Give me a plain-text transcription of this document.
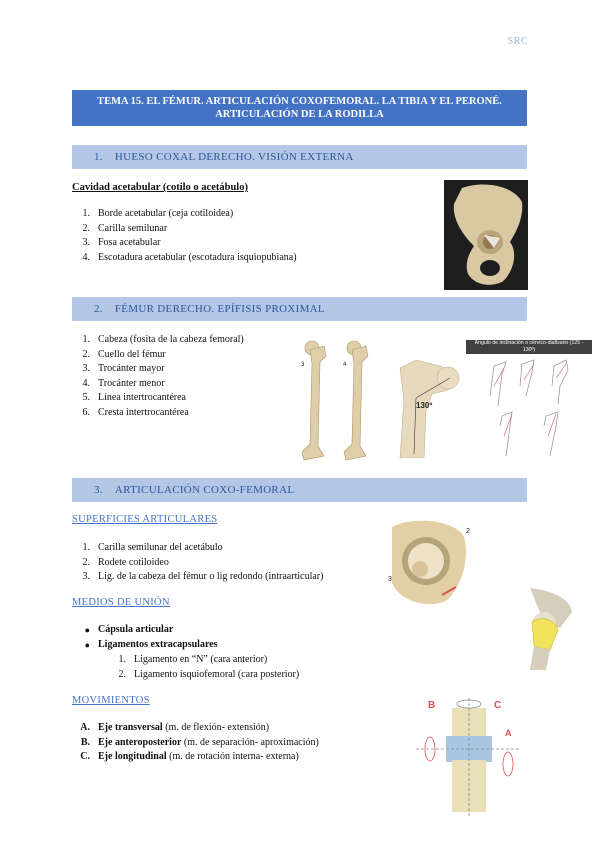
SRC
TEMA 15. EL FÉMUR. ARTICULACIÓN COXOFEMORAL. LA TIBIA Y EL PERONÉ.
ARTICULACIÓN DE LA RODILLA
1. HUESO COXAL DERECHO. VISIÓN EXTERNA
Cavidad acetabular (cotilo o acetábulo)
1. Borde acetabular (ceja cotiloidea)
2. Carilla semilunar
3. Fosa acetabular
4. Escotadura acetabular (escotadura isquiopubiana)
2. FÉMUR DERECHO. EPÍFISIS PROXIMAL
1. Cabeza (fosita de la cabeza femoral)
2. Cuello del fémur
3. Trocánter mayor
4. Trocánter menor
5. Línea intertrocantérea
6. Cresta intertrocantérea
3	4
130º
Ángulo de inclinación o cérvico-diafisario (125 - 130º)
3. ARTICULACIÓN COXO-FEMORAL
SUPERFICIES ARTICULARES
1. Carilla semilunar del acetábulo
2. Rodete cotiloideo
3. Lig. de la cabeza del fémur o lig redondo (intraarticular)
2
3
MEDIOS DE UNIÓN
● Cápsula articular
● Ligamentos extracapsulares
1. Ligamento en “N” (cara anterior)
2. Ligamento isquiofemoral (cara posterior)
MOVIMIENTOS
A. Eje transversal (m. de flexión- extensión)
B. Eje anteroposterior (m. de separación- aproximación)
C. Eje longitudinal (m. de rotación interna- externa)
B	C
A
